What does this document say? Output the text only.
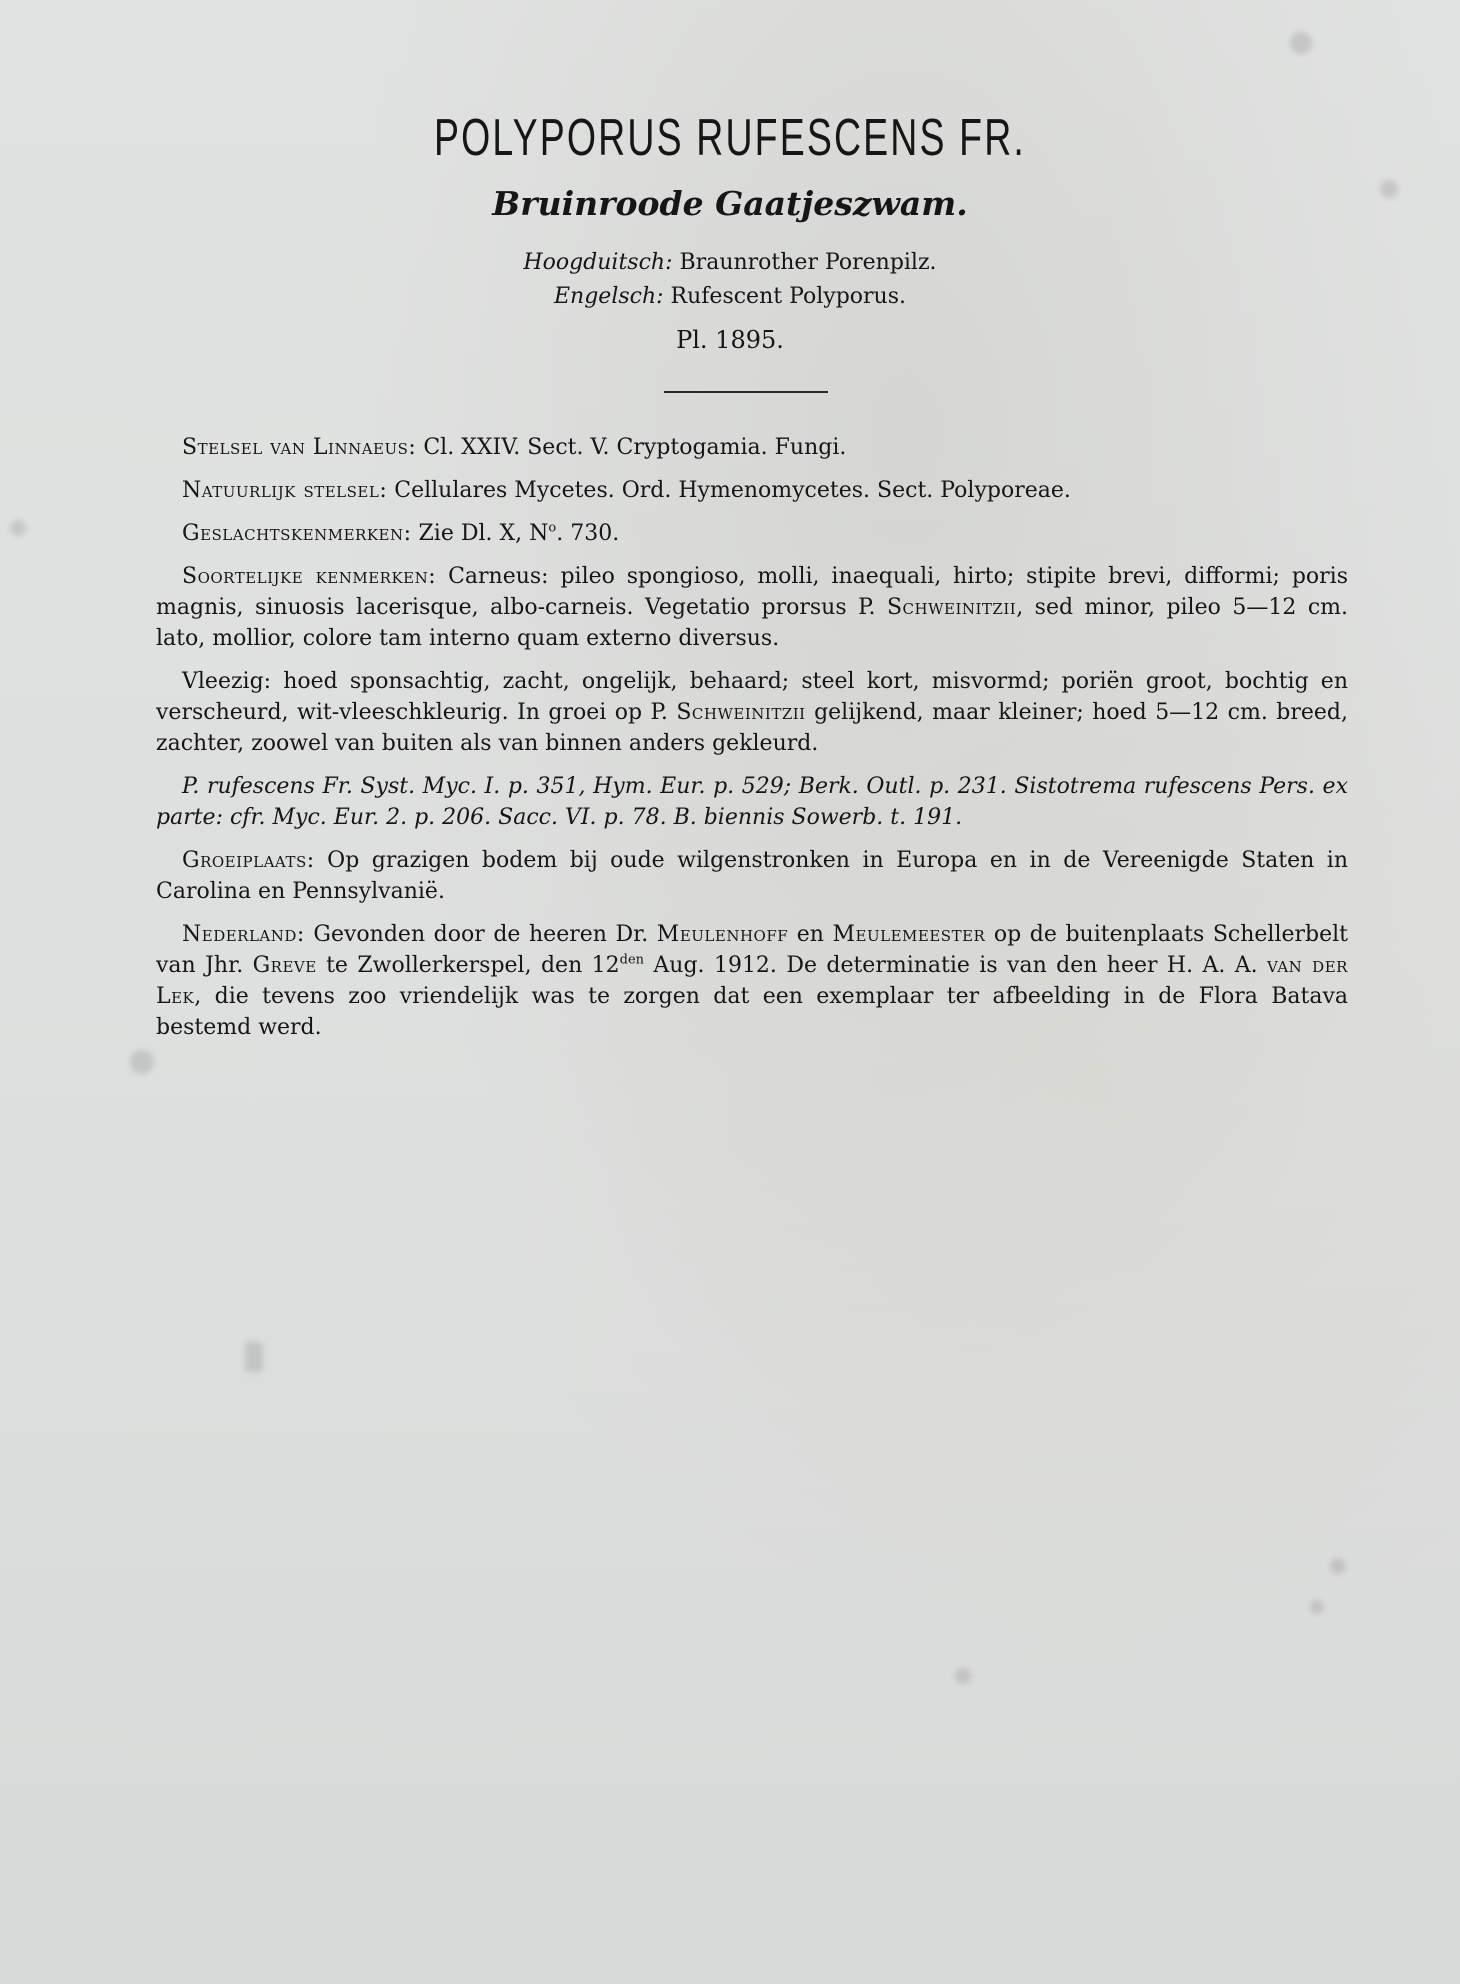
POLYPORUS RUFESCENS FR.
Bruinroode Gaatjeszwam.

Hoogduitsch: Braunrother Porenpilz.

Engelsch: Rufescent Polyporus.

Pl. 1895.

Stelsel van Linnaeus: Cl. XXIV. Sect. V. Cryptogamia. Fungi.

Natuurlijk stelsel: Cellulares Mycetes. Ord. Hymenomycetes. Sect. Polyporeae.

Geslachtskenmerken: Zie Dl. X, $N^o$. 730.

Soortelijke kenmerken: Carneus: pileo spongioso, molli, inaequali, hirto; stipite brevi, difformi; poris magnis, sinuosis lacerisque, albo-carneis. Vegetatio prorsus P. Schweinitzii, sed minor, pileo 5—12 cm. lato, mollior, colore tam interno quam externo diversus.

Vleezig: hoed sponsachtig, zacht, ongelijk, behaard; steel kort, misvormd; poriën groot, bochtig en verscheurd, wit-vleeschkleurig. In groei op P. Schweinitzii gelijkend, maar kleiner; hoed 5—12 cm. breed, zachter, zoowel van buiten als van binnen anders gekleurd.

P. rufescens Fr. Syst. Myc. I. p. 351, Hym. Eur. p. 529; Berk. Outl. p. 231. Sistotrema rufescens Pers. ex parte: cfr. Myc. Eur. 2. p. 206. Sacc. VI. p. 78. B. biennis Sowerb. t. 191.

Groeiplaats: Op grazigen bodem bij oude wilgenstronken in Europa en in de Vereenigde Staten in Carolina en Pennsylvanië.

Nederland: Gevonden door de heeren Dr. Meulenhoff en Meulemeester op de buitenplaats Schellerbelt van Jhr. Greve te Zwollerkerspel, den $12^{den}$ Aug. 1912. De determinatie is van den heer H. A. A. van der Lek, die tevens zoo vriendelijk was te zorgen dat een exemplaar ter afbeelding in de Flora Batava bestemd werd.
